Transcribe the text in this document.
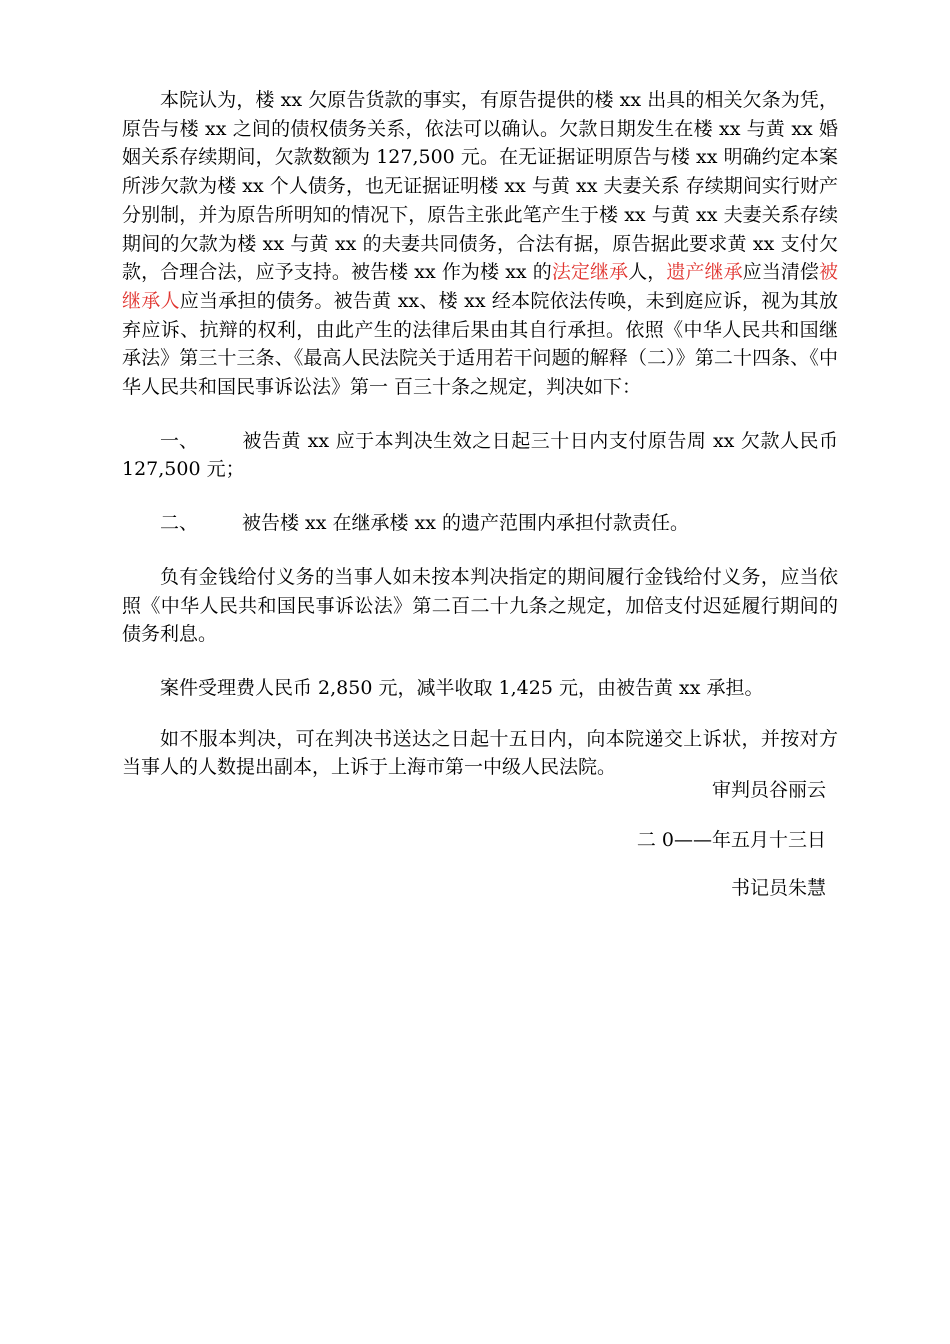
本院认为，楼 xx 欠原告货款的事实，有原告提供的楼 xx 出具的相关欠条为凭，原告与楼 xx 之间的债权债务关系，依法可以确认。欠款日期发生在楼 xx 与黄 xx 婚姻关系存续期间，欠款数额为 127,500 元。在无证据证明原告与楼 xx 明确约定本案所涉欠款为楼 xx 个人债务，也无证据证明楼 xx 与黄 xx 夫妻关系 存续期间实行财产分别制，并为原告所明知的情况下，原告主张此笔产生于楼 xx 与黄 xx 夫妻关系存续期间的欠款为楼 xx 与黄 xx 的夫妻共同债务，合法有据，原告据此要求黄 xx 支付欠款，合理合法，应予支持。被告楼 xx 作为楼 xx 的法定继承人，遗产继承应当清偿被继承人应当承担的债务。被告黄 xx、楼 xx 经本院依法传唤，未到庭应诉，视为其放弃应诉、抗辩的权利，由此产生的法律后果由其自行承担。依照《中华人民共和国继承法》第三十三条、《最高人民法院关于适用若干问题的解释（二）》第二十四条、《中华人民共和国民事诉讼法》第一 百三十条之规定，判决如下：

一、 被告黄 xx 应于本判决生效之日起三十日内支付原告周 xx 欠款人民币 127,500 元；

二、 被告楼 xx 在继承楼 xx 的遗产范围内承担付款责任。

负有金钱给付义务的当事人如未按本判决指定的期间履行金钱给付义务，应当依照《中华人民共和国民事诉讼法》第二百二十九条之规定，加倍支付迟延履行期间的债务利息。

案件受理费人民币 2,850 元，减半收取 1,425 元，由被告黄 xx 承担。

如不服本判决，可在判决书送达之日起十五日内，向本院递交上诉状，并按对方当事人的人数提出副本，上诉于上海市第一中级人民法院。

审判员谷丽云
二 0——年五月十三日
书记员朱慧
